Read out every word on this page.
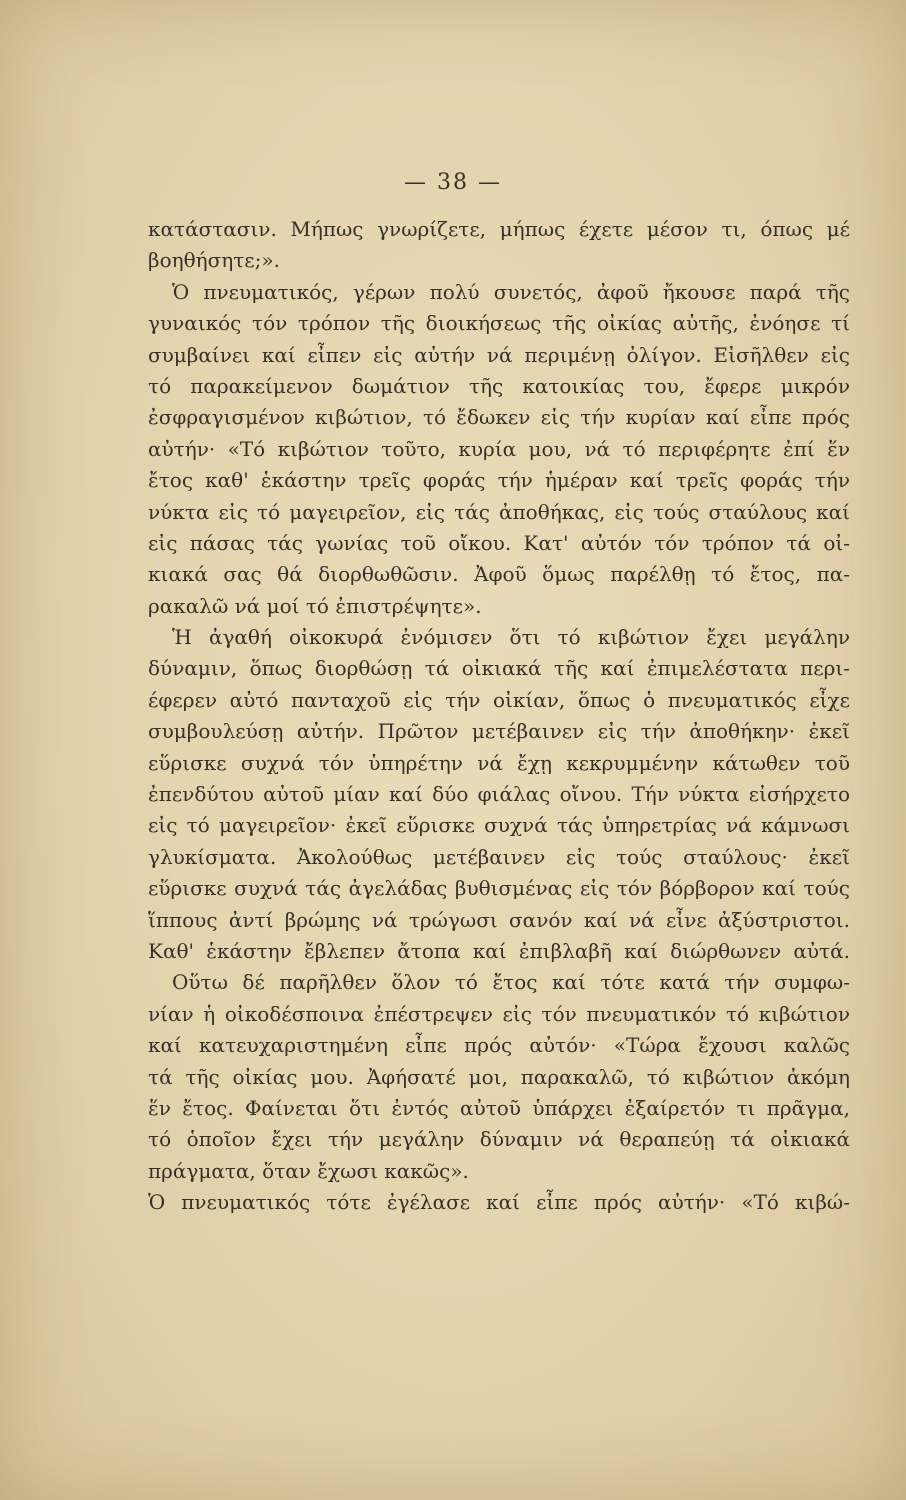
— 38 —
κατάστασιν. Μήπως γνωρίζετε, μήπως έχετε μέσον τι, όπως μέ
βοηθήσητε;».
Ὁ πνευματικός, γέρων πολύ συνετός, ἀφοῦ ἤκουσε παρά τῆς
γυναικός τόν τρόπον τῆς διοικήσεως τῆς οἰκίας αὐτῆς, ἐνόησε τί
συμβαίνει καί εἶπεν εἰς αὐτήν νά περιμένῃ ὀλίγον. Εἰσῆλθεν εἰς
τό παρακείμενον δωμάτιον τῆς κατοικίας του, ἔφερε μικρόν
ἐσφραγισμένον κιβώτιον, τό ἔδωκεν εἰς τήν κυρίαν καί εἶπε πρός
αὐτήν· «Τό κιβώτιον τοῦτο, κυρία μου, νά τό περιφέρητε ἐπί ἕν
ἔτος καθ' ἑκάστην τρεῖς φοράς τήν ἡμέραν καί τρεῖς φοράς τήν
νύκτα εἰς τό μαγειρεῖον, εἰς τάς ἀποθήκας, εἰς τούς σταύλους καί
εἰς πάσας τάς γωνίας τοῦ οἴκου. Κατ' αὐτόν τόν τρόπον τά οἰ-
κιακά σας θά διορθωθῶσιν. Ἀφοῦ ὅμως παρέλθῃ τό ἔτος, πα-
ρακαλῶ νά μοί τό ἐπιστρέψητε».
Ἡ ἀγαθή οἰκοκυρά ἐνόμισεν ὅτι τό κιβώτιον ἔχει μεγάλην
δύναμιν, ὅπως διορθώσῃ τά οἰκιακά τῆς καί ἐπιμελέστατα περι-
έφερεν αὐτό πανταχοῦ εἰς τήν οἰκίαν, ὅπως ὁ πνευματικός εἶχε
συμβουλεύσῃ αὐτήν. Πρῶτον μετέβαινεν εἰς τήν ἀποθήκην· ἐκεῖ
εὕρισκε συχνά τόν ὑπηρέτην νά ἔχῃ κεκρυμμένην κάτωθεν τοῦ
ἐπενδύτου αὐτοῦ μίαν καί δύο φιάλας οἴνου. Τήν νύκτα εἰσήρχετο
εἰς τό μαγειρεῖον· ἐκεῖ εὕρισκε συχνά τάς ὑπηρετρίας νά κάμνωσι
γλυκίσματα. Ἀκολούθως μετέβαινεν εἰς τούς σταύλους· ἐκεῖ
εὕρισκε συχνά τάς ἀγελάδας βυθισμένας εἰς τόν βόρβορον καί τούς
ἵππους ἀντί βρώμης νά τρώγωσι σανόν καί νά εἶνε ἀξύστριστοι.
Καθ' ἑκάστην ἔβλεπεν ἄτοπα καί ἐπιβλαβῆ καί διώρθωνεν αὐτά.
Οὕτω δέ παρῆλθεν ὅλον τό ἔτος καί τότε κατά τήν συμφω-
νίαν ἡ οἰκοδέσποινα ἐπέστρεψεν εἰς τόν πνευματικόν τό κιβώτιον
καί κατευχαριστημένη εἶπε πρός αὐτόν· «Τώρα ἔχουσι καλῶς
τά τῆς οἰκίας μου. Ἀφήσατέ μοι, παρακαλῶ, τό κιβώτιον ἀκόμη
ἕν ἔτος. Φαίνεται ὅτι ἐντός αὐτοῦ ὑπάρχει ἐξαίρετόν τι πρᾶγμα,
τό ὁποῖον ἔχει τήν μεγάλην δύναμιν νά θεραπεύῃ τά οἰκιακά
πράγματα, ὅταν ἔχωσι κακῶς».
Ὁ πνευματικός τότε ἐγέλασε καί εἶπε πρός αὐτήν· «Τό κιβώ-
